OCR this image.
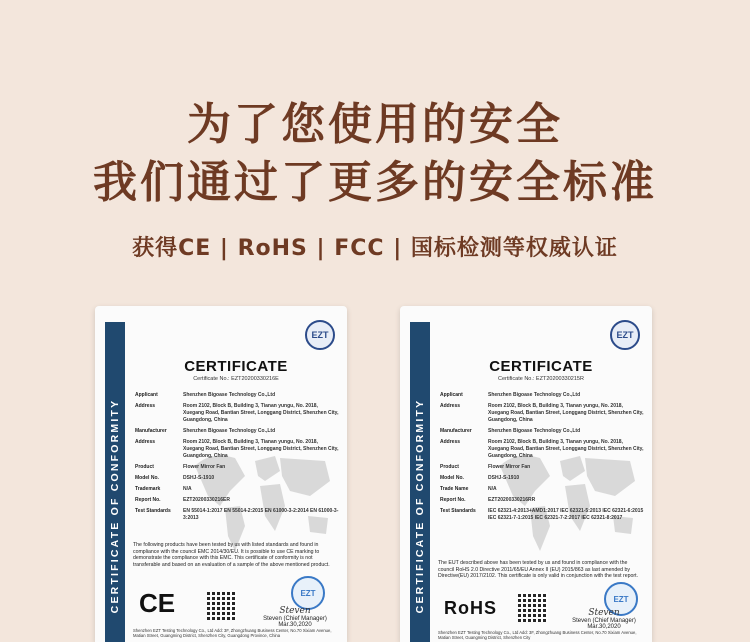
为了您使用的安全
我们通过了更多的安全标准
获得CE | RoHS | FCC | 国标检测等权威认证
CERTIFICATE OF CONFORMITY
EZT
CERTIFICATE
Certificate No.: EZT20200330216E
Applicant	Shenzhen Bigoase Technology Co.,Ltd
Address	Room 2102, Block B, Building 3, Tianan yungu, No. 2018, Xuegang Road, Bantian Street, Longgang District, Shenzhen City, Guangdong, China
Manufacturer	Shenzhen Bigoase Technology Co.,Ltd
Address	Room 2102, Block B, Building 3, Tianan yungu, No. 2018, Xuegang Road, Bantian Street, Longgang District, Shenzhen City, Guangdong, China
Product	Flower Mirror Fan
Model No.	DSHJ-S-1910
Trademark	N/A
Report No.	EZT20200330216ER
Test Standards	EN 55014-1:2017 EN 55014-2:2015 EN 61000-3-2:2014 EN 61000-3-3:2013
The following products have been tested by us with listed standards and found in compliance with the council EMC 2014/30/EU. It is possible to use CE marking to demonstrate the compliance with this EMC. This certificate of conformity is not transferable and based on an evaluation of a sample of the above mentioned product.
CE	EZT
Steven
Steven (Chief Manager)
Mar.30,2020
Shenzhen EZT Testing Technology Co., Ltd Add: 3F, Zhongzhuang Business Center, No.70 Xixiam Avenue, Matian Street, Guangming District, Shenzhen City, Guangdong Province, China
CERTIFICATE OF CONFORMITY
EZT
CERTIFICATE
Certificate No.: EZT20200330215R
Applicant	Shenzhen Bigoase Technology Co.,Ltd
Address	Room 2102, Block B, Building 3, Tianan yungu, No. 2018, Xuegang Road, Bantian Street, Longgang District, Shenzhen City, Guangdong, China
Manufacturer	Shenzhen Bigoase Technology Co.,Ltd
Address	Room 2102, Block B, Building 3, Tianan yungu, No. 2018, Xuegang Road, Bantian Street, Longgang District, Shenzhen City, Guangdong, China
Product	Flower Mirror Fan
Model No.	DSHJ-S-1910
Trade Name	N/A
Report No.	EZT20200330216RR
Test Standards	IEC 62321-4:2013+AMD1:2017 IEC 62321-5:2013 IEC 62321-6:2015 IEC 62321-7-1:2015 IEC 62321-7-2:2017 IEC 62321-8:2017
The EUT described above has been tested by us and found in compliance with the council RoHS 2.0 Directive 2011/65/EU Annex II (EU) 2015/863 as last amended by Directive(EU) 2017/2102. This certificate is only valid in conjunction with the test report.
RoHS	EZT
Steven
Steven (Chief Manager)
Mar.30,2020
Shenzhen EZT Testing Technology Co., Ltd Add: 3F, Zhongzhuang Business Center, No.70 Xixiam Avenue, Matian Street, Guangming District, Shenzhen City
